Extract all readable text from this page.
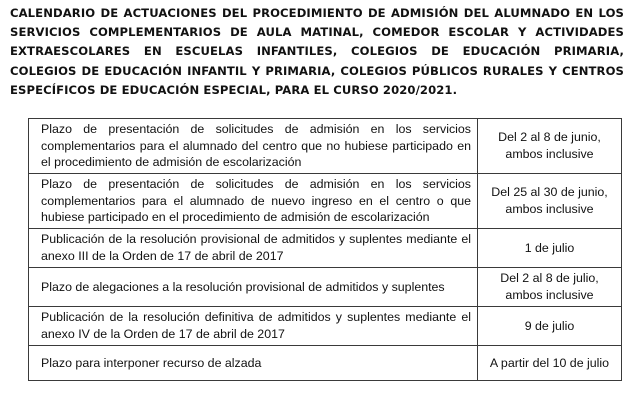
CALENDARIO DE ACTUACIONES DEL PROCEDIMIENTO DE ADMISIÓN DEL ALUMNADO EN LOS SERVICIOS COMPLEMENTARIOS DE AULA MATINAL, COMEDOR ESCOLAR Y ACTIVIDADES EXTRAESCOLARES EN ESCUELAS INFANTILES, COLEGIOS DE EDUCACIÓN PRIMARIA, COLEGIOS DE EDUCACIÓN INFANTIL Y PRIMARIA, COLEGIOS PÚBLICOS RURALES Y CENTROS ESPECÍFICOS DE EDUCACIÓN ESPECIAL, PARA EL CURSO 2020/2021.
Plazo de presentación de solicitudes de admisión en los servicios complementarios para el alumnado del centro que no hubiese participado en el procedimiento de admisión de escolarización	Del 2 al 8 de junio, ambos inclusive
Plazo de presentación de solicitudes de admisión en los servicios complementarios para el alumnado de nuevo ingreso en el centro o que hubiese participado en el procedimiento de admisión de escolarización	Del 25 al 30 de junio, ambos inclusive
Publicación de la resolución provisional de admitidos y suplentes mediante el anexo III de la Orden de 17 de abril de 2017	1 de julio
Plazo de alegaciones a la resolución provisional de admitidos y suplentes	Del 2 al 8 de julio, ambos inclusive
Publicación de la resolución definitiva de admitidos y suplentes mediante el anexo IV de la Orden de 17 de abril de 2017	9 de julio
Plazo para interponer recurso de alzada	A partir del 10 de julio
